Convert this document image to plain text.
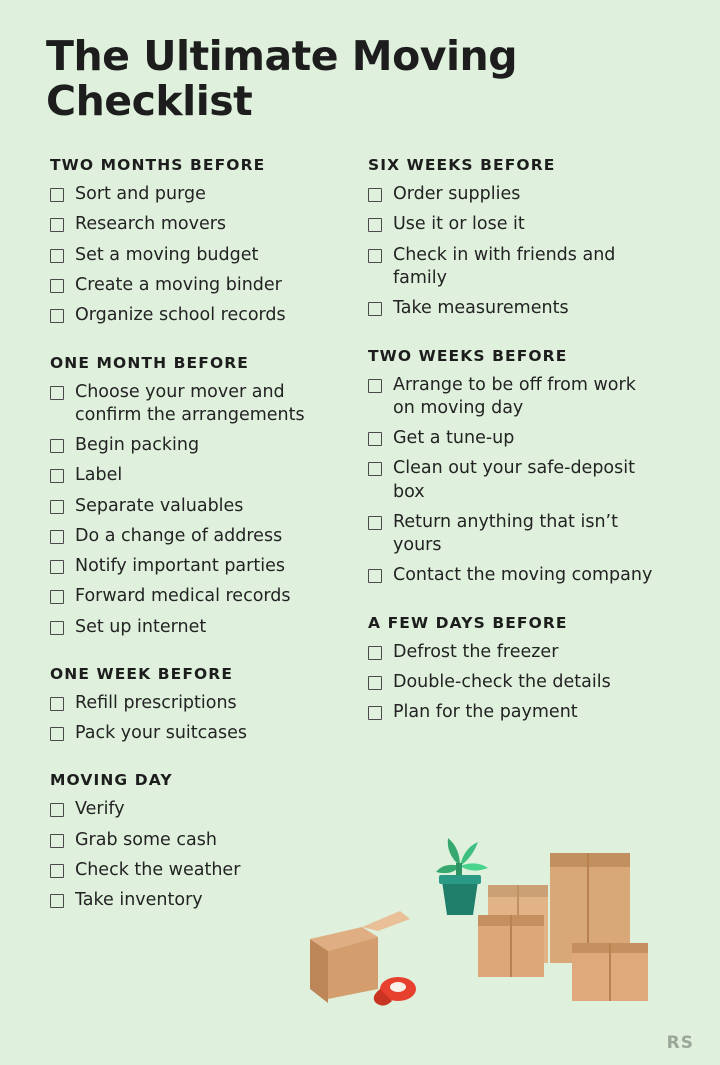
The Ultimate Moving Checklist
TWO MONTHS BEFORE
Sort and purge
Research movers
Set a moving budget
Create a moving binder
Organize school records
ONE MONTH BEFORE
Choose your mover and confirm the arrangements
Begin packing
Label
Separate valuables
Do a change of address
Notify important parties
Forward medical records
Set up internet
ONE WEEK BEFORE
Refill prescriptions
Pack your suitcases
MOVING DAY
Verify
Grab some cash
Check the weather
Take inventory
SIX WEEKS BEFORE
Order supplies
Use it or lose it
Check in with friends and family
Take measurements
TWO WEEKS BEFORE
Arrange to be off from work on moving day
Get a tune-up
Clean out your safe-deposit box
Return anything that isn’t yours
Contact the moving company
A FEW DAYS BEFORE
Defrost the freezer
Double-check the details
Plan for the payment
RS
